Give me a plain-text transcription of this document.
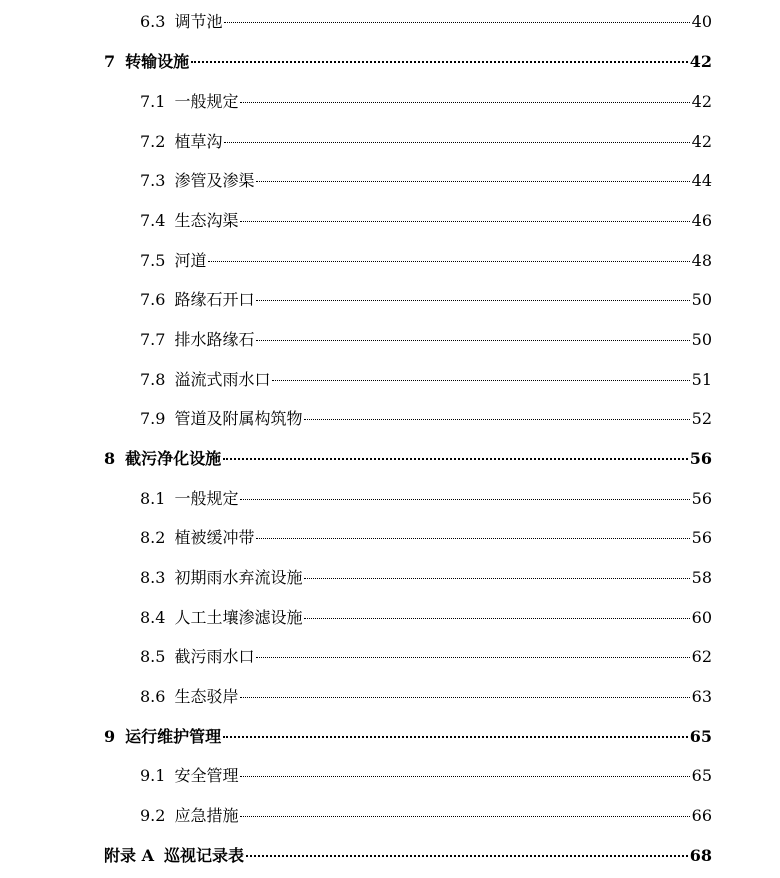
6.3 调节池	40
7 转输设施	42
7.1 一般规定	42
7.2 植草沟	42
7.3 渗管及渗渠	44
7.4 生态沟渠	46
7.5 河道	48
7.6 路缘石开口	50
7.7 排水路缘石	50
7.8 溢流式雨水口	51
7.9 管道及附属构筑物	52
8 截污净化设施	56
8.1 一般规定	56
8.2 植被缓冲带	56
8.3 初期雨水弃流设施	58
8.4 人工土壤渗滤设施	60
8.5 截污雨水口	62
8.6 生态驳岸	63
9 运行维护管理	65
9.1 安全管理	65
9.2 应急措施	66
附录 A 巡视记录表	68
